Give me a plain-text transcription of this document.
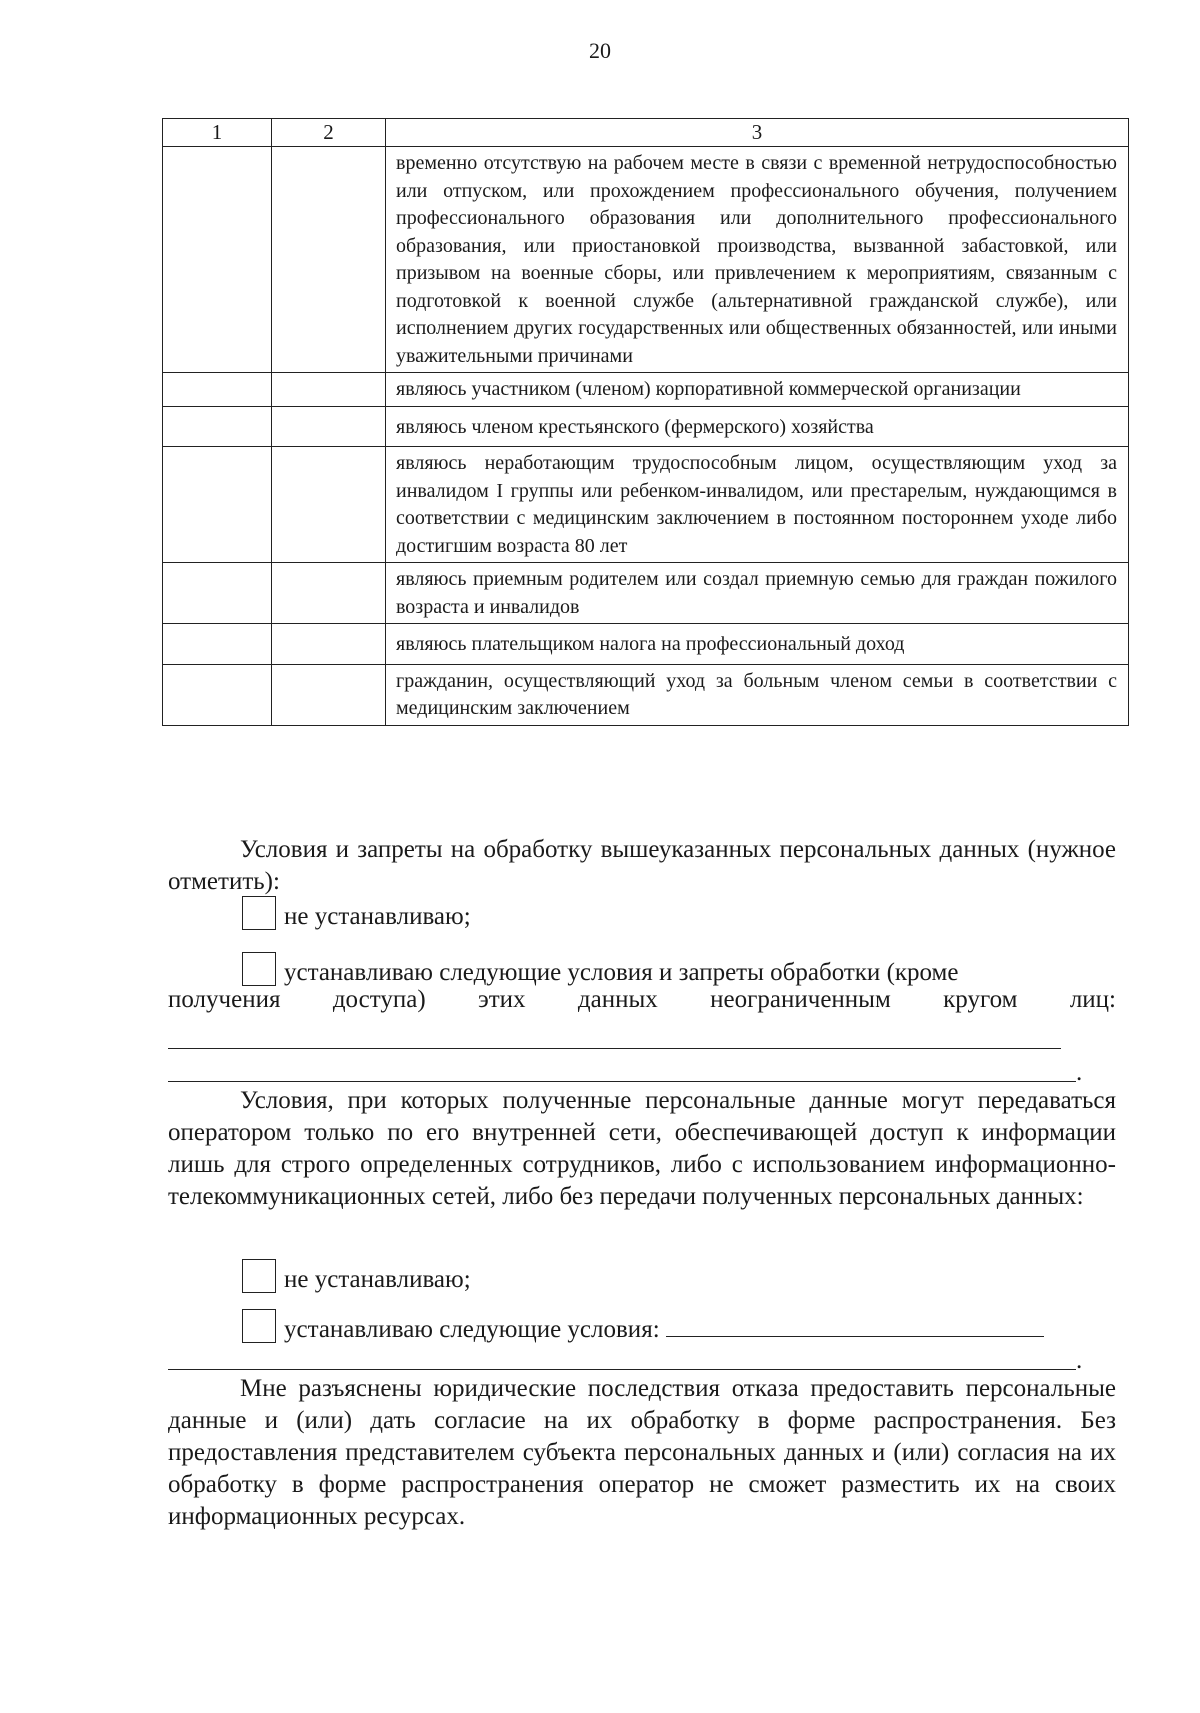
20
1	2	3
		временно отсутствую на рабочем месте в связи с временной нетрудоспособностью или отпуском, или прохождением профессионального обучения, получением профессионального образования или дополнительного профессионального образования, или приостановкой производства, вызванной забастовкой, или призывом на военные сборы, или привлечением к мероприятиям, связанным с подготовкой к военной службе (альтернативной гражданской службе), или исполнением других государственных или общественных обязанностей, или иными уважительными причинами
		являюсь участником (членом) корпоративной коммерческой организации
		являюсь членом крестьянского (фермерского) хозяйства
		являюсь неработающим трудоспособным лицом, осуществляющим уход за инвалидом I группы или ребенком-инвалидом, или престарелым, нуждающимся в соответствии с медицинским заключением в постоянном постороннем уходе либо достигшим возраста 80 лет
		являюсь приемным родителем или создал приемную семью для граждан пожилого возраста и инвалидов
		являюсь плательщиком налога на профессиональный доход
		гражданин, осуществляющий уход за больным членом семьи в соответствии с медицинским заключением
Условия и запреты на обработку вышеуказанных персональных данных (нужное отметить):
не устанавливаю;
устанавливаю следующие условия и запреты обработки (кроме
получения доступа) этих данных неограниченным кругом лиц:
.
Условия, при которых полученные персональные данные могут передаваться оператором только по его внутренней сети, обеспечивающей доступ к информации лишь для строго определенных сотрудников, либо с использованием информационно-телекоммуникационных сетей, либо без передачи полученных персональных данных:
не устанавливаю;
устанавливаю следующие условия:
.
Мне разъяснены юридические последствия отказа предоставить персональные данные и (или) дать согласие на их обработку в форме распространения. Без предоставления представителем субъекта персональных данных и (или) согласия на их обработку в форме распространения оператор не сможет разместить их на своих информационных ресурсах.
